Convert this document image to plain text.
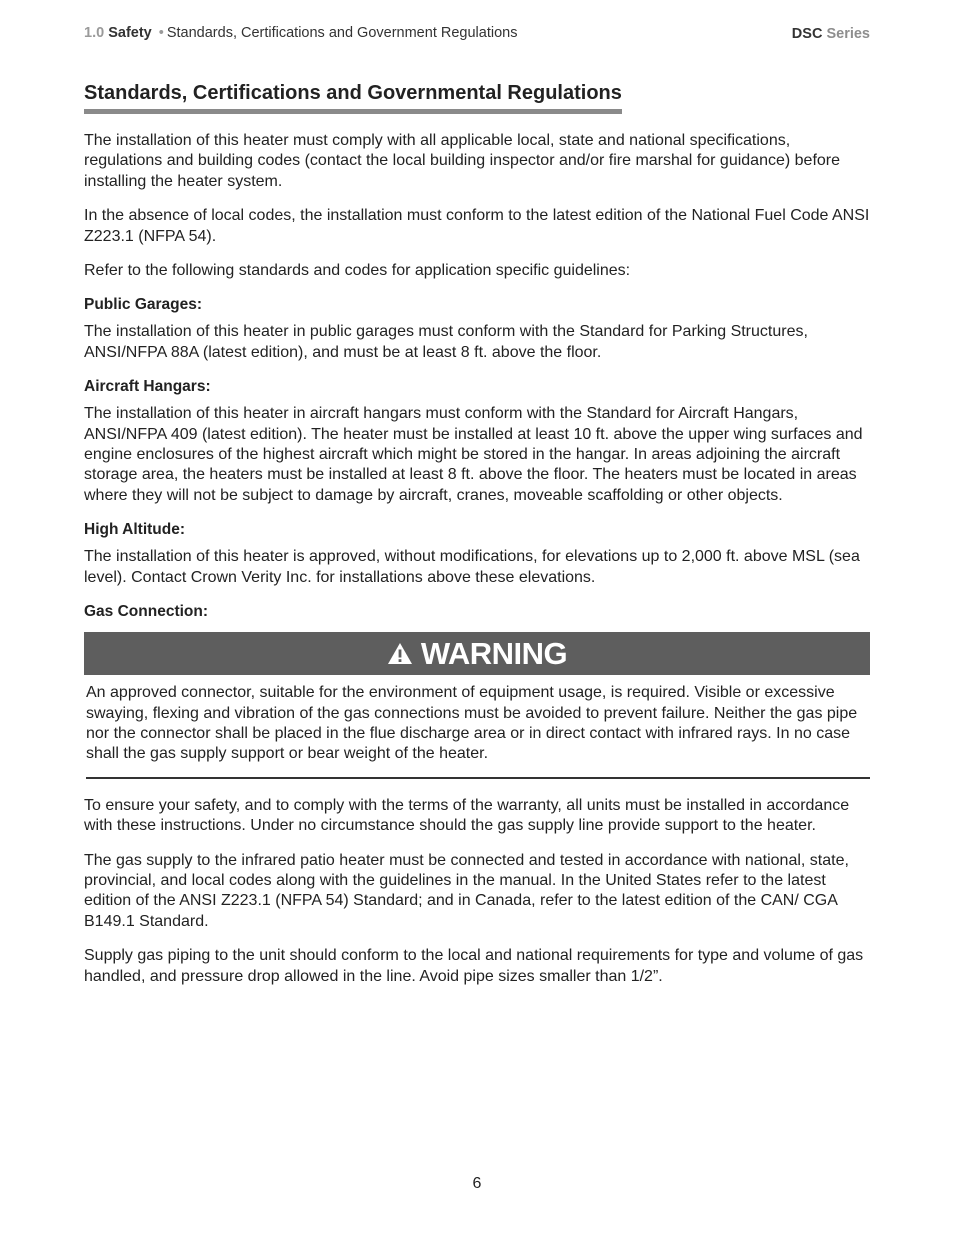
1.0 Safety • Standards, Certifications and Government Regulations	DSC Series
Standards, Certifications and Governmental Regulations

The installation of this heater must comply with all applicable local, state and national specifications, regulations and building codes (contact the local building inspector and/or fire marshal for guidance) before installing the heater system.

In the absence of local codes, the installation must conform to the latest edition of the National Fuel Code ANSI Z223.1 (NFPA 54).

Refer to the following standards and codes for application specific guidelines:

Public Garages:

The installation of this heater in public garages must conform with the Standard for Parking Structures, ANSI/NFPA 88A (latest edition), and must be at least 8 ft. above the floor.

Aircraft Hangars:

The installation of this heater in aircraft hangars must conform with the Standard for Aircraft Hangars, ANSI/NFPA 409 (latest edition). The heater must be installed at least 10 ft. above the upper wing surfaces and engine enclosures of the highest aircraft which might be stored in the hangar. In areas adjoining the aircraft storage area, the heaters must be installed at least 8 ft. above the floor. The heaters must be located in areas where they will not be subject to damage by aircraft, cranes, moveable scaffolding or other objects.

High Altitude:

The installation of this heater is approved, without modifications, for elevations up to 2,000 ft. above MSL (sea level). Contact Crown Verity Inc. for installations above these elevations.

Gas Connection:
WARNING

An approved connector, suitable for the environment of equipment usage, is required. Visible or excessive swaying, flexing and vibration of the gas connections must be avoided to prevent failure. Neither the gas pipe nor the connector shall be placed in the flue discharge area or in direct contact with infrared rays. In no case shall the gas supply support or bear weight of the heater.

To ensure your safety, and to comply with the terms of the warranty, all units must be installed in accordance with these instructions. Under no circumstance should the gas supply line provide support to the heater.

The gas supply to the infrared patio heater must be connected and tested in accordance with national, state, provincial, and local codes along with the guidelines in the manual. In the United States refer to the latest edition of the ANSI Z223.1 (NFPA 54) Standard; and in Canada, refer to the latest edition of the CAN/ CGA B149.1 Standard.

Supply gas piping to the unit should conform to the local and national requirements for type and volume of gas handled, and pressure drop allowed in the line. Avoid pipe sizes smaller than 1/2”.

6
